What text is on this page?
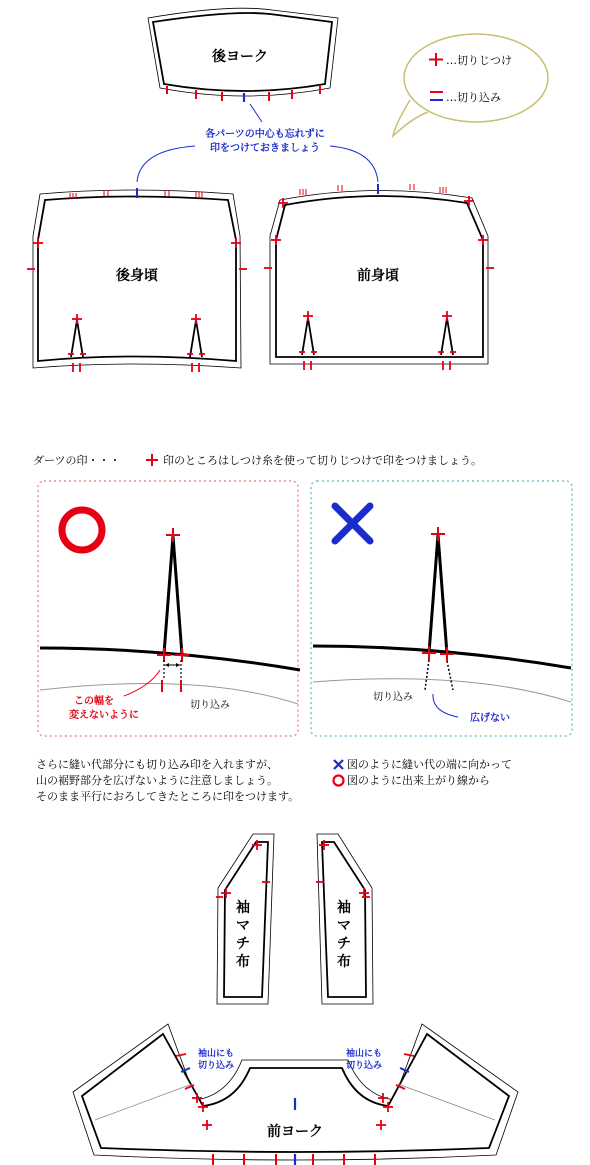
後ヨーク	…切りじつけ
…切り込み
各パーツの中心も忘れずに
印をつけておきましょう
後身頃	前身頃
ダーツの印・・・	印のところはしつけ糸を使って切りじつけで印をつけましょう。
この幅を
変えないように
切り込み
切り込み
広げない
さらに縫い代部分にも切り込み印を入れますが、
山の裾野部分を広げないように注意しましょう。
そのまま平行におろしてきたところに印をつけます。
図のように縫い代の端に向かって
図のように出来上がり線から
袖マチ布
袖マチ布
前ヨーク
袖山にも
切り込み
袖山にも
切り込み
